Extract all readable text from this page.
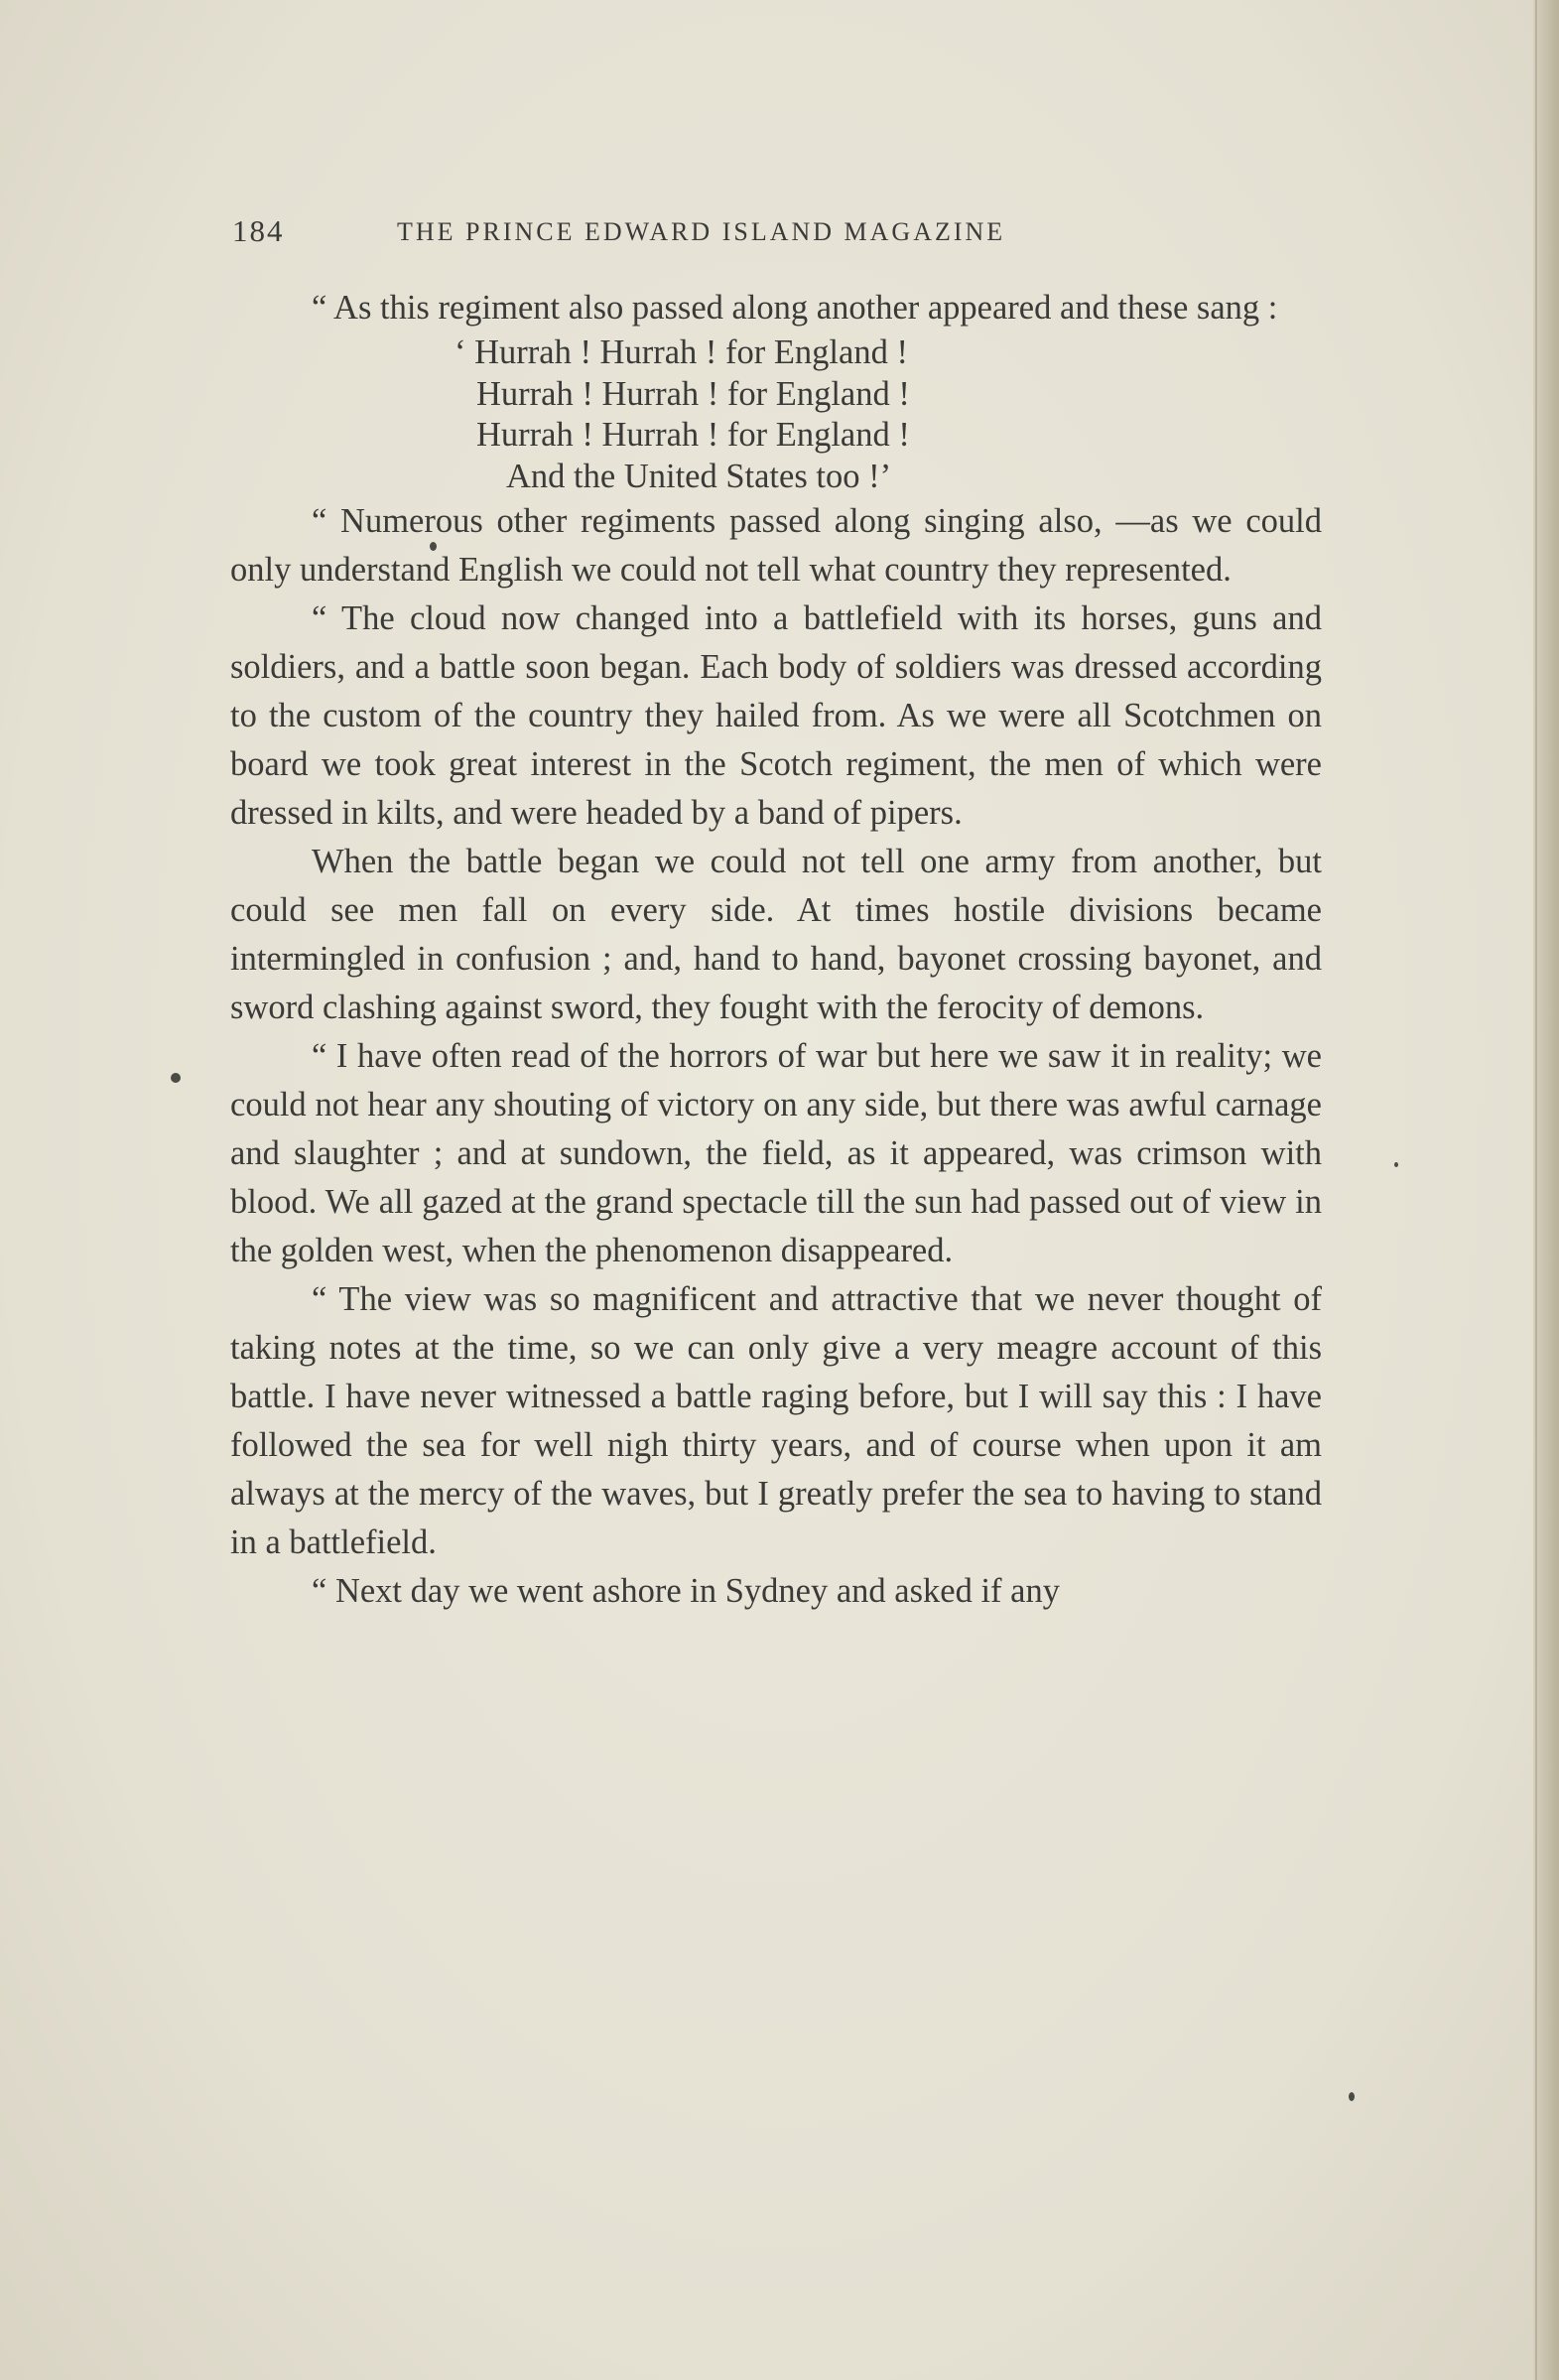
184	THE PRINCE EDWARD ISLAND MAGAZINE

“ As this regiment also passed along another appeared and these sang :

‘ Hurrah ! Hurrah ! for England !
Hurrah ! Hurrah ! for England !
Hurrah ! Hurrah ! for England !
And the United States too !’

“ Numerous other regiments passed along singing also, —as we could only understand English we could not tell what country they represented.

“ The cloud now changed into a battlefield with its horses, guns and soldiers, and a battle soon began. Each body of soldiers was dressed according to the custom of the country they hailed from. As we were all Scotchmen on board we took great interest in the Scotch regiment, the men of which were dressed in kilts, and were headed by a band of pipers.

When the battle began we could not tell one army from another, but could see men fall on every side. At times hostile divisions became intermingled in confusion ; and, hand to hand, bayonet crossing bayonet, and sword clashing against sword, they fought with the ferocity of demons.

“ I have often read of the horrors of war but here we saw it in reality; we could not hear any shouting of victory on any side, but there was awful carnage and slaughter ; and at sundown, the field, as it appeared, was crimson with blood. We all gazed at the grand spectacle till the sun had passed out of view in the golden west, when the phenomenon disappeared.

“ The view was so magnificent and attractive that we never thought of taking notes at the time, so we can only give a very meagre account of this battle. I have never witnessed a battle raging before, but I will say this : I have followed the sea for well nigh thirty years, and of course when upon it am always at the mercy of the waves, but I greatly prefer the sea to having to stand in a battlefield.

“ Next day we went ashore in Sydney and asked if any
